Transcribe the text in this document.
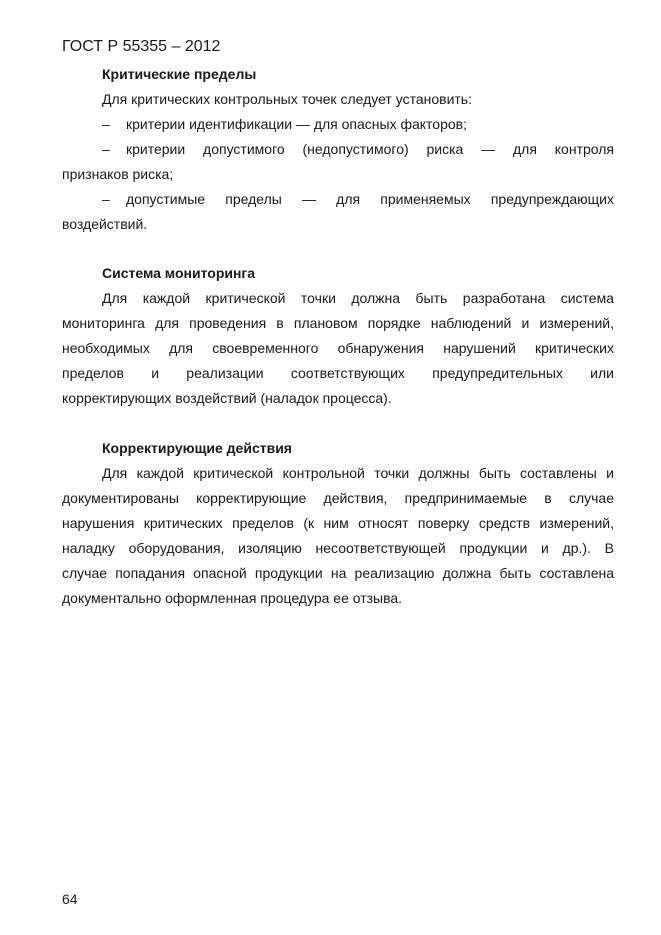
ГОСТ Р 55355 – 2012
Критические пределы
Для критических контрольных точек следует установить:
–	критерии идентификации — для опасных факторов;
–	критерии допустимого (недопустимого) риска — для контроля
признаков риска;
–	допустимые пределы — для применяемых предупреждающих
воздействий.
Система мониторинга
Для каждой критической точки должна быть разработана система
мониторинга для проведения в плановом порядке наблюдений и измерений,
необходимых для своевременного обнаружения нарушений критических
пределов и реализации соответствующих предупредительных или
корректирующих воздействий (наладок процесса).
Корректирующие действия
Для каждой критической контрольной точки должны быть составлены и
документированы корректирующие действия, предпринимаемые в случае
нарушения критических пределов (к ним относят поверку средств измерений,
наладку оборудования, изоляцию несоответствующей продукции и др.). В
случае попадания опасной продукции на реализацию должна быть составлена
документально оформленная процедура ее отзыва.
64
